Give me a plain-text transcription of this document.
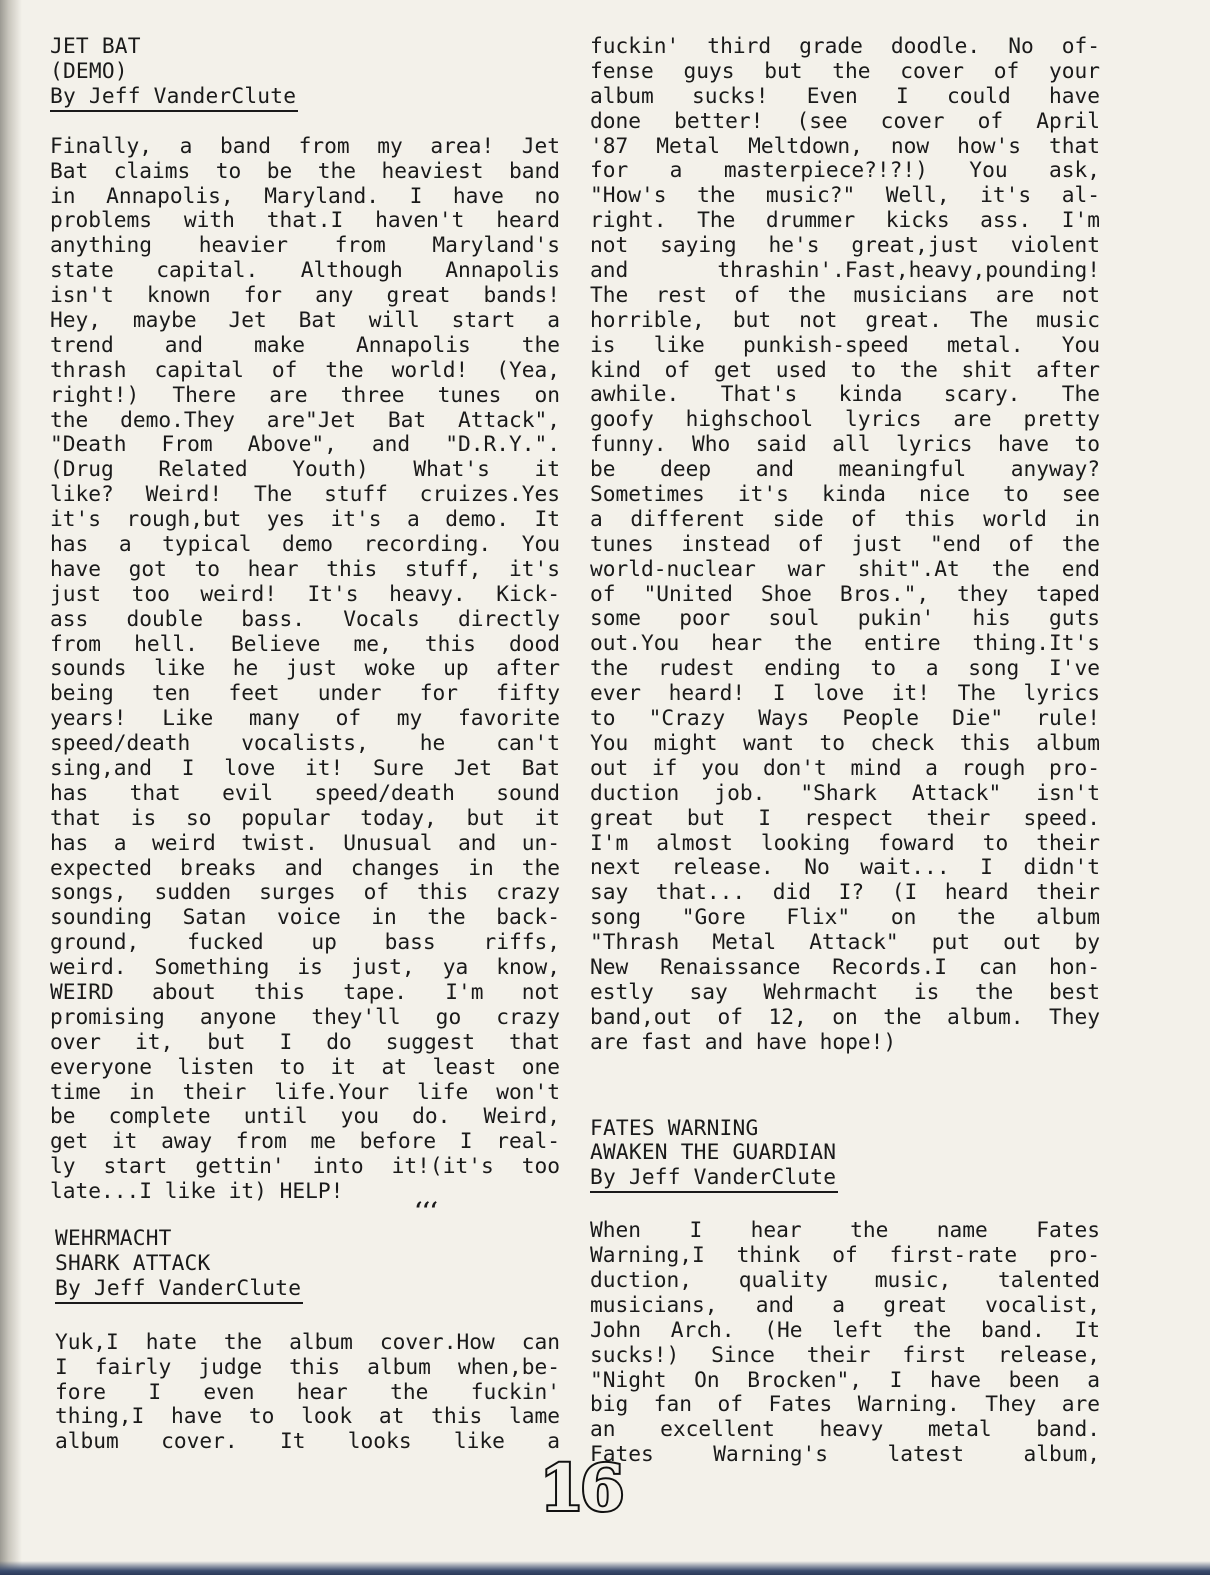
JET BAT
(DEMO)
By Jeff VanderClute
Finally, a band from my area! Jet
Bat claims to be the heaviest band
in Annapolis, Maryland. I have no
problems with that.I haven't heard
anything heavier from Maryland's
state capital. Although Annapolis
isn't known for any great bands!
Hey, maybe Jet Bat will start a
trend and make Annapolis the
thrash capital of the world! (Yea,
right!) There are three tunes on
the demo.They are"Jet Bat Attack",
"Death From Above", and "D.R.Y.".
(Drug Related Youth) What's it
like? Weird! The stuff cruizes.Yes
it's rough,but yes it's a demo. It
has a typical demo recording. You
have got to hear this stuff, it's
just too weird! It's heavy. Kick-
ass double bass. Vocals directly
from hell. Believe me, this dood
sounds like he just woke up after
being ten feet under for fifty
years! Like many of my favorite
speed/death vocalists, he can't
sing,and I love it! Sure Jet Bat
has that evil speed/death sound
that is so popular today, but it
has a weird twist. Unusual and un-
expected breaks and changes in the
songs, sudden surges of this crazy
sounding Satan voice in the back-
ground, fucked up bass riffs,
weird. Something is just, ya know,
WEIRD about this tape. I'm not
promising anyone they'll go crazy
over it, but I do suggest that
everyone listen to it at least one
time in their life.Your life won't
be complete until you do. Weird,
get it away from me before I real-
ly start gettin' into it!(it's too
late...I like it) HELP!
WEHRMACHT
SHARK ATTACK
By Jeff VanderClute
Yuk,I hate the album cover.How can
I fairly judge this album when,be-
fore I even hear the fuckin'
thing,I have to look at this lame
album cover. It looks like a
‘‘‘
fuckin' third grade doodle. No of-
fense guys but the cover of your
album sucks! Even I could have
done better! (see cover of April
'87 Metal Meltdown, now how's that
for a masterpiece?!?!) You ask,
"How's the music?" Well, it's al-
right. The drummer kicks ass. I'm
not saying he's great,just violent
and thrashin'.Fast,heavy,pounding!
The rest of the musicians are not
horrible, but not great. The music
is like punkish-speed metal. You
kind of get used to the shit after
awhile. That's kinda scary. The
goofy highschool lyrics are pretty
funny. Who said all lyrics have to
be deep and meaningful anyway?
Sometimes it's kinda nice to see
a different side of this world in
tunes instead of just "end of the
world-nuclear war shit".At the end
of "United Shoe Bros.", they taped
some poor soul pukin' his guts
out.You hear the entire thing.It's
the rudest ending to a song I've
ever heard! I love it! The lyrics
to "Crazy Ways People Die" rule!
You might want to check this album
out if you don't mind a rough pro-
duction job. "Shark Attack" isn't
great but I respect their speed.
I'm almost looking foward to their
next release. No wait... I didn't
say that... did I? (I heard their
song "Gore Flix" on the album
"Thrash Metal Attack" put out by
New Renaissance Records.I can hon-
estly say Wehrmacht is the best
band,out of 12, on the album. They
are fast and have hope!)
FATES WARNING
AWAKEN THE GUARDIAN
By Jeff VanderClute
When I hear the name Fates
Warning,I think of first-rate pro-
duction, quality music, talented
musicians, and a great vocalist,
John Arch. (He left the band. It
sucks!) Since their first release,
"Night On Brocken", I have been a
big fan of Fates Warning. They are
an excellent heavy metal band.
Fates Warning's latest album,
16
